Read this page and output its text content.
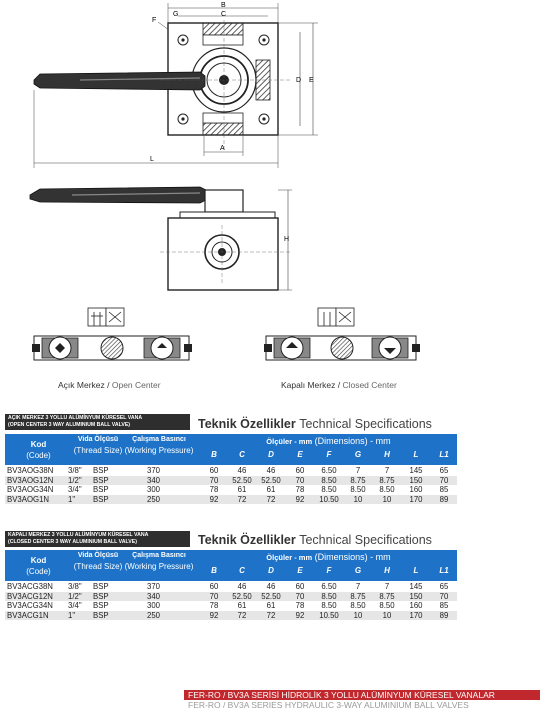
B
C
G
F
D E
A
L
H
Açık Merkez / Open Center	Kapalı Merkez / Closed Center
AÇIK MERKEZ 3 YOLLU ALÜMİNYUM KÜRESEL VANA
(OPEN CENTER 3 WAY ALUMINIUM BALL VALVE)	Teknik Özellikler Technical Specifications
Kod
(Code)
Vida Ölçüsü
(Thread Size)
Çalışma Basıncı
(Working Pressure)
Ölçüler - mm (Dimensions) - mm
B	C	D	E	F	G	H	L	L1
BV3AOG38N 3/8" BSP	370	60	46	46	60	6.50	7	7	145	65
BV3AOG12N 1/2" BSP	340	70	52.50	52.50	70	8.50	8.75	8.75	150	70
BV3AOG34N 3/4" BSP	300	78	61	61	78	8.50	8.50	8.50	160	85
BV3AOG1N 1" BSP	250	92	72	72	92	10.50	10	10	170	89
KAPALI MERKEZ 3 YOLLU ALÜMİNYUM KÜRESEL VANA
(CLOSED CENTER 3 WAY ALUMINIUM BALL VALVE)	Teknik Özellikler Technical Specifications
Kod
(Code)
Vida Ölçüsü
(Thread Size)
Çalışma Basıncı
(Working Pressure)
Ölçüler - mm (Dimensions) - mm
B	C	D	E	F	G	H	L	L1
BV3ACG38N 3/8" BSP	370	60	46	46	60	6.50	7	7	145	65
BV3ACG12N 1/2" BSP	340	70	52.50	52.50	70	8.50	8.75	8.75	150	70
BV3ACG34N 3/4" BSP	300	78	61	61	78	8.50	8.50	8.50	160	85
BV3ACG1N 1" BSP	250	92	72	72	92	10.50	10	10	170	89
FER-RO / BV3A SERİSİ HİDROLİK 3 YOLLU ALÜMİNYUM KÜRESEL VANALAR
FER-RO / BV3A SERIES HYDRAULIC 3-WAY ALUMINIUM BALL VALVES
